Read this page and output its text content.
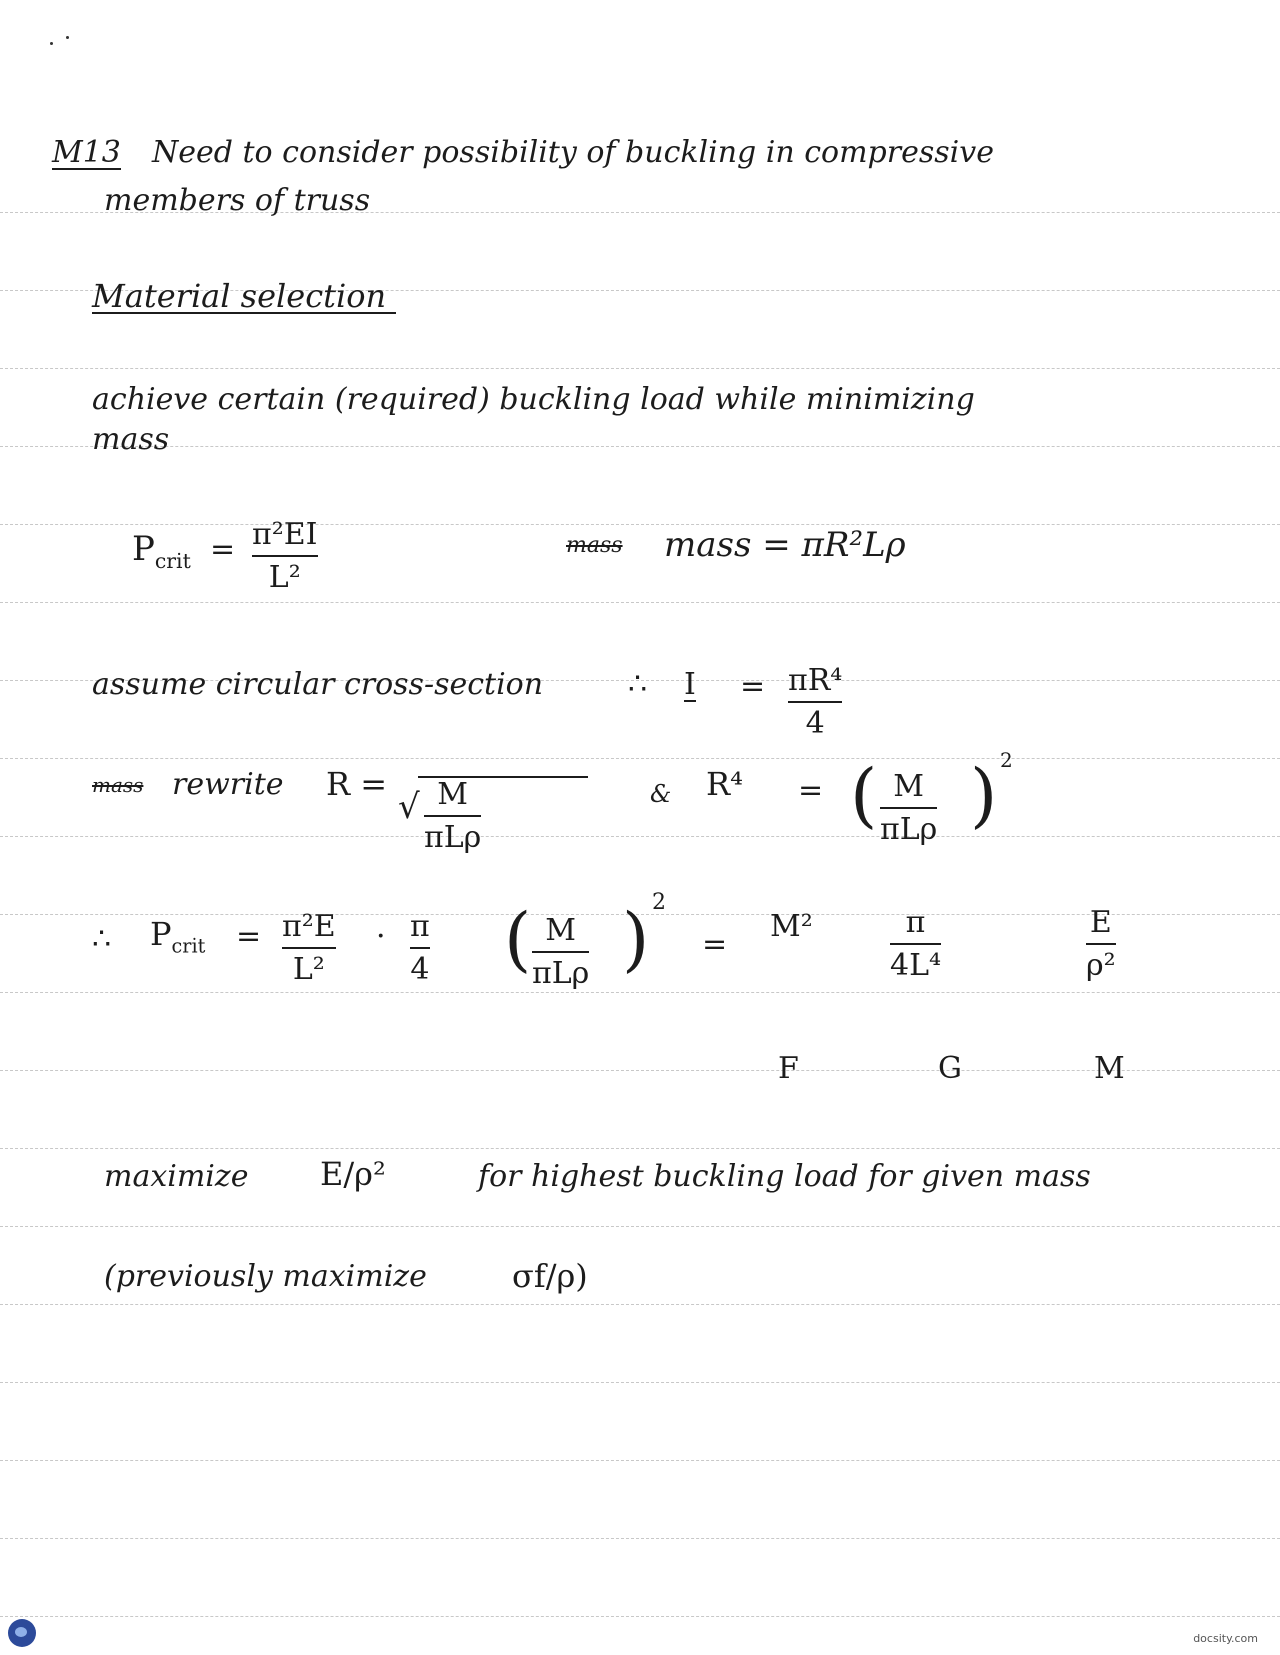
M13 Need to consider possibility of buckling in compressive
members of truss
Material selection
achieve certain (required) buckling load while minimizing
mass
$P_{crit} = \pi^2EI$
L²
mass mass = πR²Lρ
assume circular cross-section	∴ I = πR⁴
4
mass rewrite R =
√ M
πLρ
& R⁴ = ( M
πLρ ) 2
∴ $P_{crit} = \pi^2E$
L²
· π
4 ( M
πLρ ) 2
=
M²	π
4L⁴
E
ρ²
F	G	M
maximize E/ρ²	for highest buckling load for given mass
(previously maximize	σf/ρ)
docsity.com
